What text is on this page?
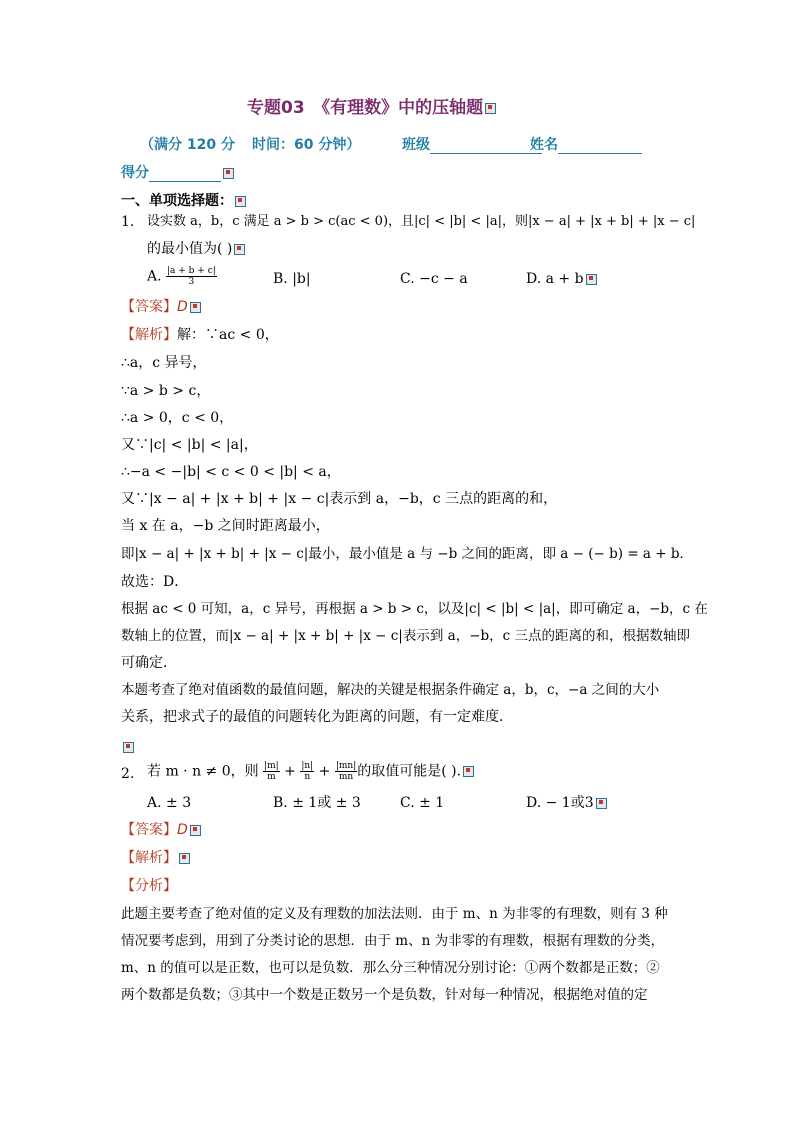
专题03　《有理数》中的压轴题
（满分 120 分 时间：60 分钟）	班级	姓名
得分
一、单项选择题：
1. 设实数 a，b，c 满足 a > b > c(ac < 0)，且|c| < |b| < |a|，则|x − a| + |x + b| + |x − c|
的最小值为( )
A. $\frac{|a + b + c|}{3}$	B. |b|	C. −c − a	D. a + b
【答案】D
【解析】 解：∵ac < 0，
∴a，c 异号，
∵a > b > c，
∴a > 0，c < 0，
又∵|c| < |b| < |a|，
∴−a < −|b| < c < 0 < |b| < a，
又∵|x − a| + |x + b| + |x − c|表示到 a，−b，c 三点的距离的和，
当 x 在 a，−b 之间时距离最小，
即|x − a| + |x + b| + |x − c|最小，最小值是 a 与 −b 之间的距离，即 a − (− b) = a + b．
故选：D．
根据 ac < 0 可知，a，c 异号，再根据 a > b > c，以及|c| < |b| < |a|，即可确定 a，−b，c 在
数轴上的位置，而|x − a| + |x + b| + |x − c|表示到 a，−b，c 三点的距离的和，根据数轴即
可确定．
本题考查了绝对值函数的最值问题，解决的关键是根据条件确定 a，b，c，−a 之间的大小
关系，把求式子的最值的问题转化为距离的问题，有一定难度．
2. 若 m · n ≠ 0，则 $\frac{|m|}{m} + \frac{|n|}{n} + \frac{|mn|}{mn}$ 的取值可能是( ).
A. ± 3	B. ± 1或 ± 3	C. ± 1	D. − 1或3
【答案】D
【解析】
【分析】
此题主要考查了绝对值的定义及有理数的加法法则．由于 m、n 为非零的有理数，则有 3 种
情况要考虑到，用到了分类讨论的思想．由于 m、n 为非零的有理数，根据有理数的分类，
m、n 的值可以是正数，也可以是负数．那么分三种情况分别讨论：①两个数都是正数；②
两个数都是负数；③其中一个数是正数另一个是负数，针对每一种情况，根据绝对值的定
